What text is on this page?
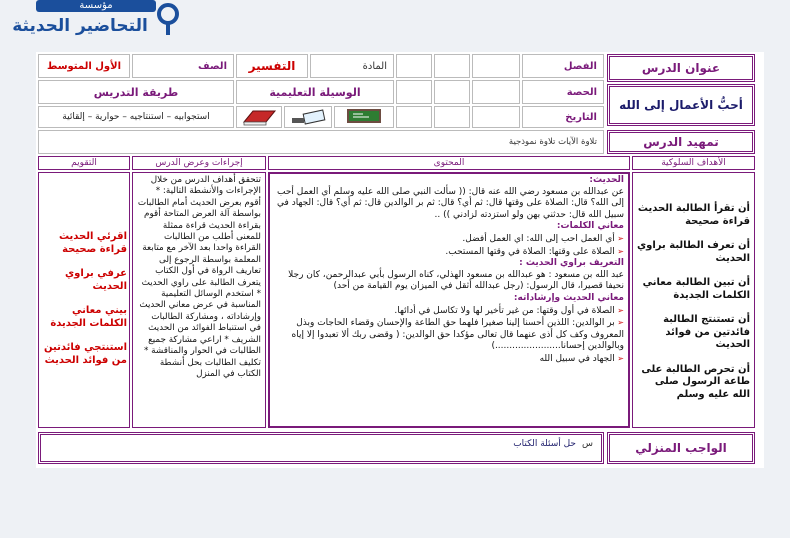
مؤسسة
التحاضير الحديثة
عنوان الدرس
الفصل
المادة
التفسير
الصف
الأول المتوسط
أحبُّ الأعمال إلى الله
الحصة
الوسيلة التعليمية
طريقة التدريس
التاريخ
استجوابيه – استنتاجيه – حوارية – إلقائية
تمهيد الدرس
تلاوة الآيات تلاوة نموذجية
الأهداف السلوكية
المحتوى
إجراءات وعرض الدرس
التقويم

أن تقرأ الطالبة الحديث قراءة صحيحة

أن تعرف الطالبة براوي الحديث

أن تبين الطالبة معاني الكلمات الجديدة

أن تستنتج الطالبة فائدتين من فوائد الحديث

أن تحرص الطالبة على طاعة الرسول صلى الله عليه وسلم

الحديث:

عن عبدالله بن مسعود رضي الله عنه قال: (( سألت النبي صلى الله عليه وسلم أي العمل أحب إلى الله؟ قال: الصلاة على وقتها قال: ثم أي؟ قال: ثم بر الوالدين قال: ثم أي؟ قال: الجهاد في سبيل الله قال: حدثني بهن ولو استزدته لزادني )) ..

معاني الكلمات:

➢ أي العمل احب إلى الله: اي العمل أفضل.

➢ الصلاة على وقتها: الصلاة في وقتها المستحب.

التعريف براوي الحديث :

عبد الله بن مسعود : هو عبدالله بن مسعود الهذلي، كناه الرسول بأبي عبدالرحمن، كان رجلا نحيفا قصيرا، قال الرسول: (رجل عبدالله أثقل في الميزان يوم القيامة من أحد)

معاني الحديث وإرشاداته:

➢ الصلاة في أول وقتها: من غير تأخير لها ولا تكاسل في أدائها.

➢ بر الوالدين: اللذين أحسنا إلينا صغيرا فلهما حق الطاعة والإحسان وقضاء الحاجات وبذل المعروف وكف كل أذى عنهما قال تعالى مؤكدا حق الوالدين: ( وقضى ربك ألا تعبدوا إلا إياه وبالوالدين إحسانا.......................)

➢ الجهاد في سبيل الله

تتحقق أهداف الدرس من خلال الإجراءات والأنشطة التالية: * أقوم بعرض الحديث أمام الطالبات بواسطة آلة العرض المتاحة أقوم بقراءة الحديث قراءة ممثلة للمعنى أطلب من الطالبات القراءة واحدا بعد الآخر مع متابعة المعلمة بواسطة الرجوع إلى تعاريف الرواة في أول الكتاب يتعرف الطالبة على راوي الحديث * استخدم الوسائل التعليمية المناسبة في عرض معاني الحديث وإرشاداته ، ومشاركة الطالبات في استنباط الفوائد من الحديث الشريف * اراعي مشاركة جميع الطالبات في الحوار والمناقشة * تكليف الطالبات بحل أنشطة الكتاب في المنزل

اقرئي الحديث قراءة صحيحة

عرفي براوي الحديث

بيني معاني الكلمات الجديدة

استنتجي فائدتين من فوائد الحديث

الواجب المنزلي
حل أسئلة الكتاب س
